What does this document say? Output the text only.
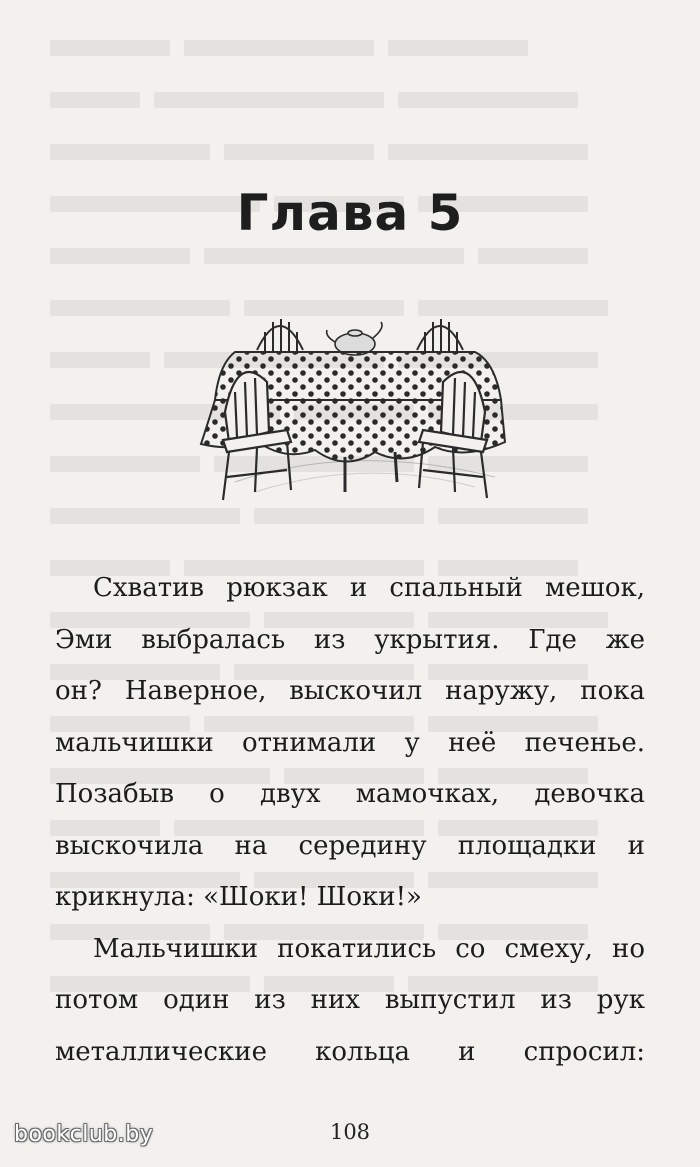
Глава 5
Схватив рюкзак и спальный мешок,
Эми выбралась из укрытия. Где же
он? Наверное, выскочил наружу, пока
мальчишки отнимали у неё печенье.
Позабыв о двух мамочках, девочка
выскочила на середину площадки и
крикнула: «Шоки! Шоки!»
Мальчишки покатились со смеху, но
потом один из них выпустил из рук
металлические кольца и спросил:
108
bookclub.by
